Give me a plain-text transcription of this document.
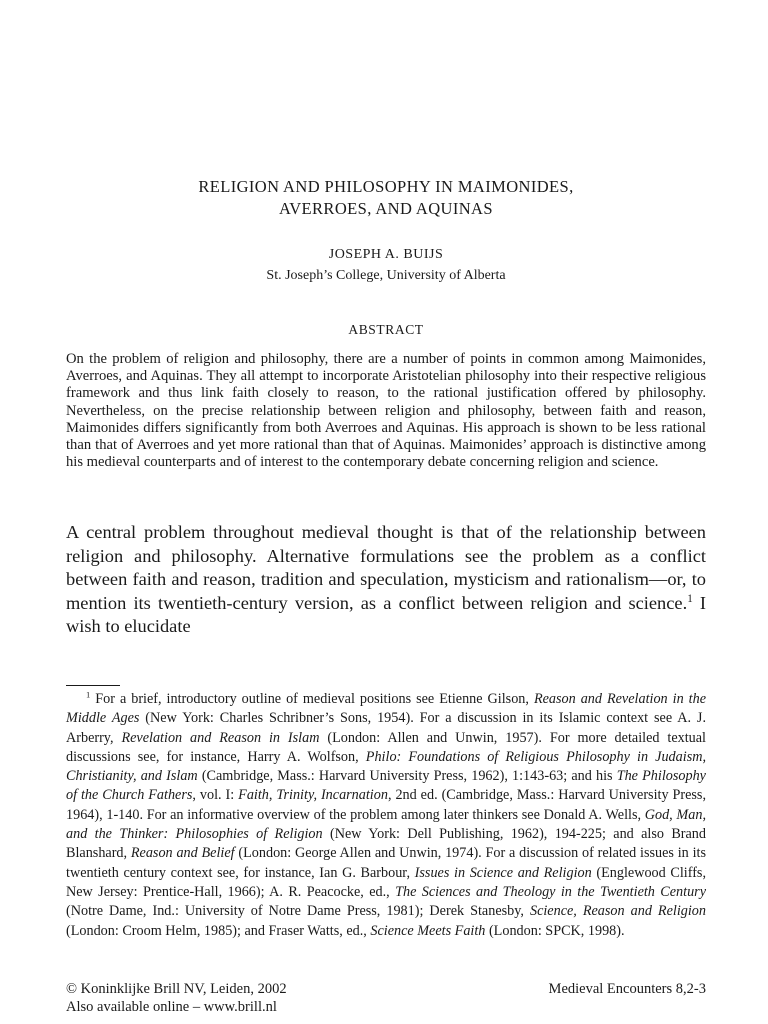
RELIGION AND PHILOSOPHY IN MAIMONIDES,
AVERROES, AND AQUINAS

JOSEPH A. BUIJS

St. Joseph’s College, University of Alberta

ABSTRACT

On the problem of religion and philosophy, there are a number of points in common among Maimonides, Averroes, and Aquinas. They all attempt to incorporate Aristotelian philosophy into their respective religious framework and thus link faith closely to reason, to the rational justification offered by philosophy. Nevertheless, on the precise relationship between religion and philosophy, between faith and reason, Maimonides differs significantly from both Averroes and Aquinas. His approach is shown to be less rational than that of Averroes and yet more rational than that of Aquinas. Maimonides’ approach is distinctive among his medieval counterparts and of interest to the contemporary debate concerning religion and science.

A central problem throughout medieval thought is that of the relationship between religion and philosophy. Alternative formulations see the problem as a conflict between faith and reason, tradition and speculation, mysticism and rationalism—or, to mention its twentieth-century version, as a conflict between religion and science.$^1$ I wish to elucidate

$^1$ For a brief, introductory outline of medieval positions see Etienne Gilson, Reason and Revelation in the Middle Ages (New York: Charles Schribner’s Sons, 1954). For a discussion in its Islamic context see A. J. Arberry, Revelation and Reason in Islam (London: Allen and Unwin, 1957). For more detailed textual discussions see, for instance, Harry A. Wolfson, Philo: Foundations of Religious Philosophy in Judaism, Christianity, and Islam (Cambridge, Mass.: Harvard University Press, 1962), 1:143-63; and his The Philosophy of the Church Fathers, vol. I: Faith, Trinity, Incarnation, 2nd ed. (Cambridge, Mass.: Harvard University Press, 1964), 1-140. For an informative overview of the problem among later thinkers see Donald A. Wells, God, Man, and the Thinker: Philosophies of Religion (New York: Dell Publishing, 1962), 194-225; and also Brand Blanshard, Reason and Belief (London: George Allen and Unwin, 1974). For a discussion of related issues in its twentieth century context see, for instance, Ian G. Barbour, Issues in Science and Religion (Englewood Cliffs, New Jersey: Prentice-Hall, 1966); A. R. Peacocke, ed., The Sciences and Theology in the Twentieth Century (Notre Dame, Ind.: University of Notre Dame Press, 1981); Derek Stanesby, Science, Reason and Religion (London: Croom Helm, 1985); and Fraser Watts, ed., Science Meets Faith (London: SPCK, 1998).

© Koninklijke Brill NV, Leiden, 2002

Also available online – www.brill.nl

Medieval Encounters 8,2-3
